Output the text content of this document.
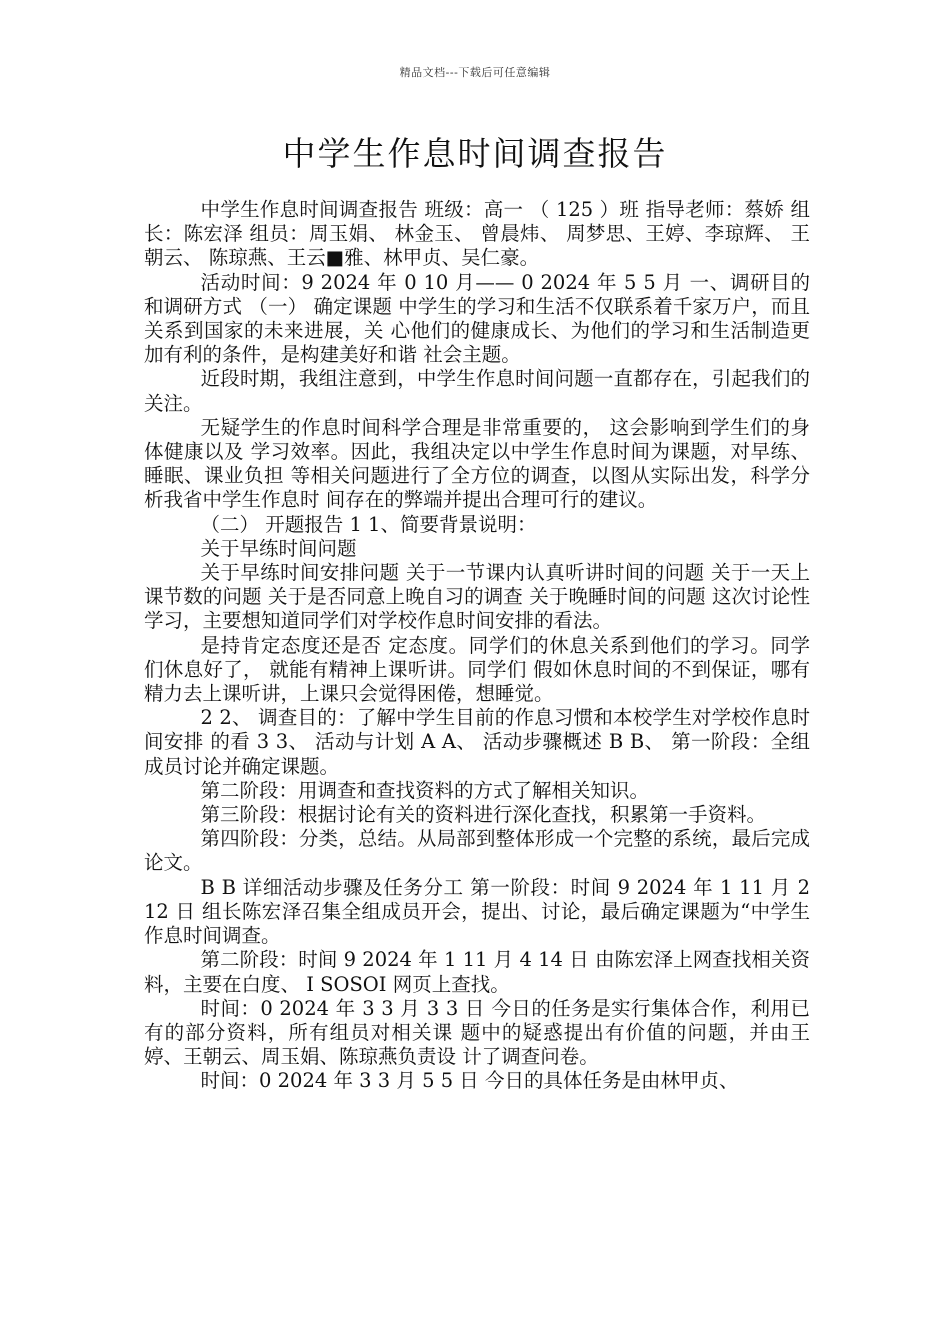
精品文档---下载后可任意编辑
中学生作息时间调查报告

中学生作息时间调查报告 班级：高一 （ 125 ）班 指导老师：蔡娇 组长：陈宏泽 组员：周玉娟、 林金玉、 曾晨炜、 周梦思、王婷、李琼辉、 王朝云、 陈琼燕、王云■雅、林甲贞、吴仁豪。

活动时间：9 2024 年 0 10 月—— 0 2024 年 5 5 月 一、调研目的和调研方式 （一） 确定课题 中学生的学习和生活不仅联系着千家万户，而且关系到国家的未来进展，关 心他们的健康成长、为他们的学习和生活制造更加有利的条件，是构建美好和谐 社会主题。

近段时期，我组注意到，中学生作息时间问题一直都存在，引起我们的关注。

无疑学生的作息时间科学合理是非常重要的， 这会影响到学生们的身体健康以及 学习效率。因此，我组决定以中学生作息时间为课题，对早练、睡眠、课业负担 等相关问题进行了全方位的调查，以图从实际出发，科学分析我省中学生作息时 间存在的弊端并提出合理可行的建议。

（二） 开题报告 1 1、简要背景说明：

关于早练时间问题

关于早练时间安排问题 关于一节课内认真听讲时间的问题 关于一天上课节数的问题 关于是否同意上晚自习的调查 关于晚睡时间的问题 这次讨论性学习，主要想知道同学们对学校作息时间安排的看法。

是持肯定态度还是否 定态度。同学们的休息关系到他们的学习。同学们休息好了， 就能有精神上课听讲。同学们 假如休息时间的不到保证，哪有精力去上课听讲，上课只会觉得困倦，想睡觉。

2 2、 调查目的：了解中学生目前的作息习惯和本校学生对学校作息时间安排 的看 3 3、 活动与计划 A A、 活动步骤概述 B B、 第一阶段：全组成员讨论并确定课题。

第二阶段：用调查和查找资料的方式了解相关知识。

第三阶段：根据讨论有关的资料进行深化查找，积累第一手资料。

第四阶段：分类，总结。从局部到整体形成一个完整的系统，最后完成论文。

B B 详细活动步骤及任务分工 第一阶段：时间 9 2024 年 1 11 月 2 12 日 组长陈宏泽召集全组成员开会，提出、讨论，最后确定课题为“中学生 作息时间调查。

第二阶段：时间 9 2024 年 1 11 月 4 14 日 由陈宏泽上网查找相关资料，主要在白度、 I SOSOI 网页上查找。

时间：0 2024 年 3 3 月 3 3 日 今日的任务是实行集体合作，利用已有的部分资料，所有组员对相关课 题中的疑惑提出有价值的问题，并由王婷、王朝云、周玉娟、陈琼燕负责设 计了调查问卷。

时间：0 2024 年 3 3 月 5 5 日 今日的具体任务是由林甲贞、
